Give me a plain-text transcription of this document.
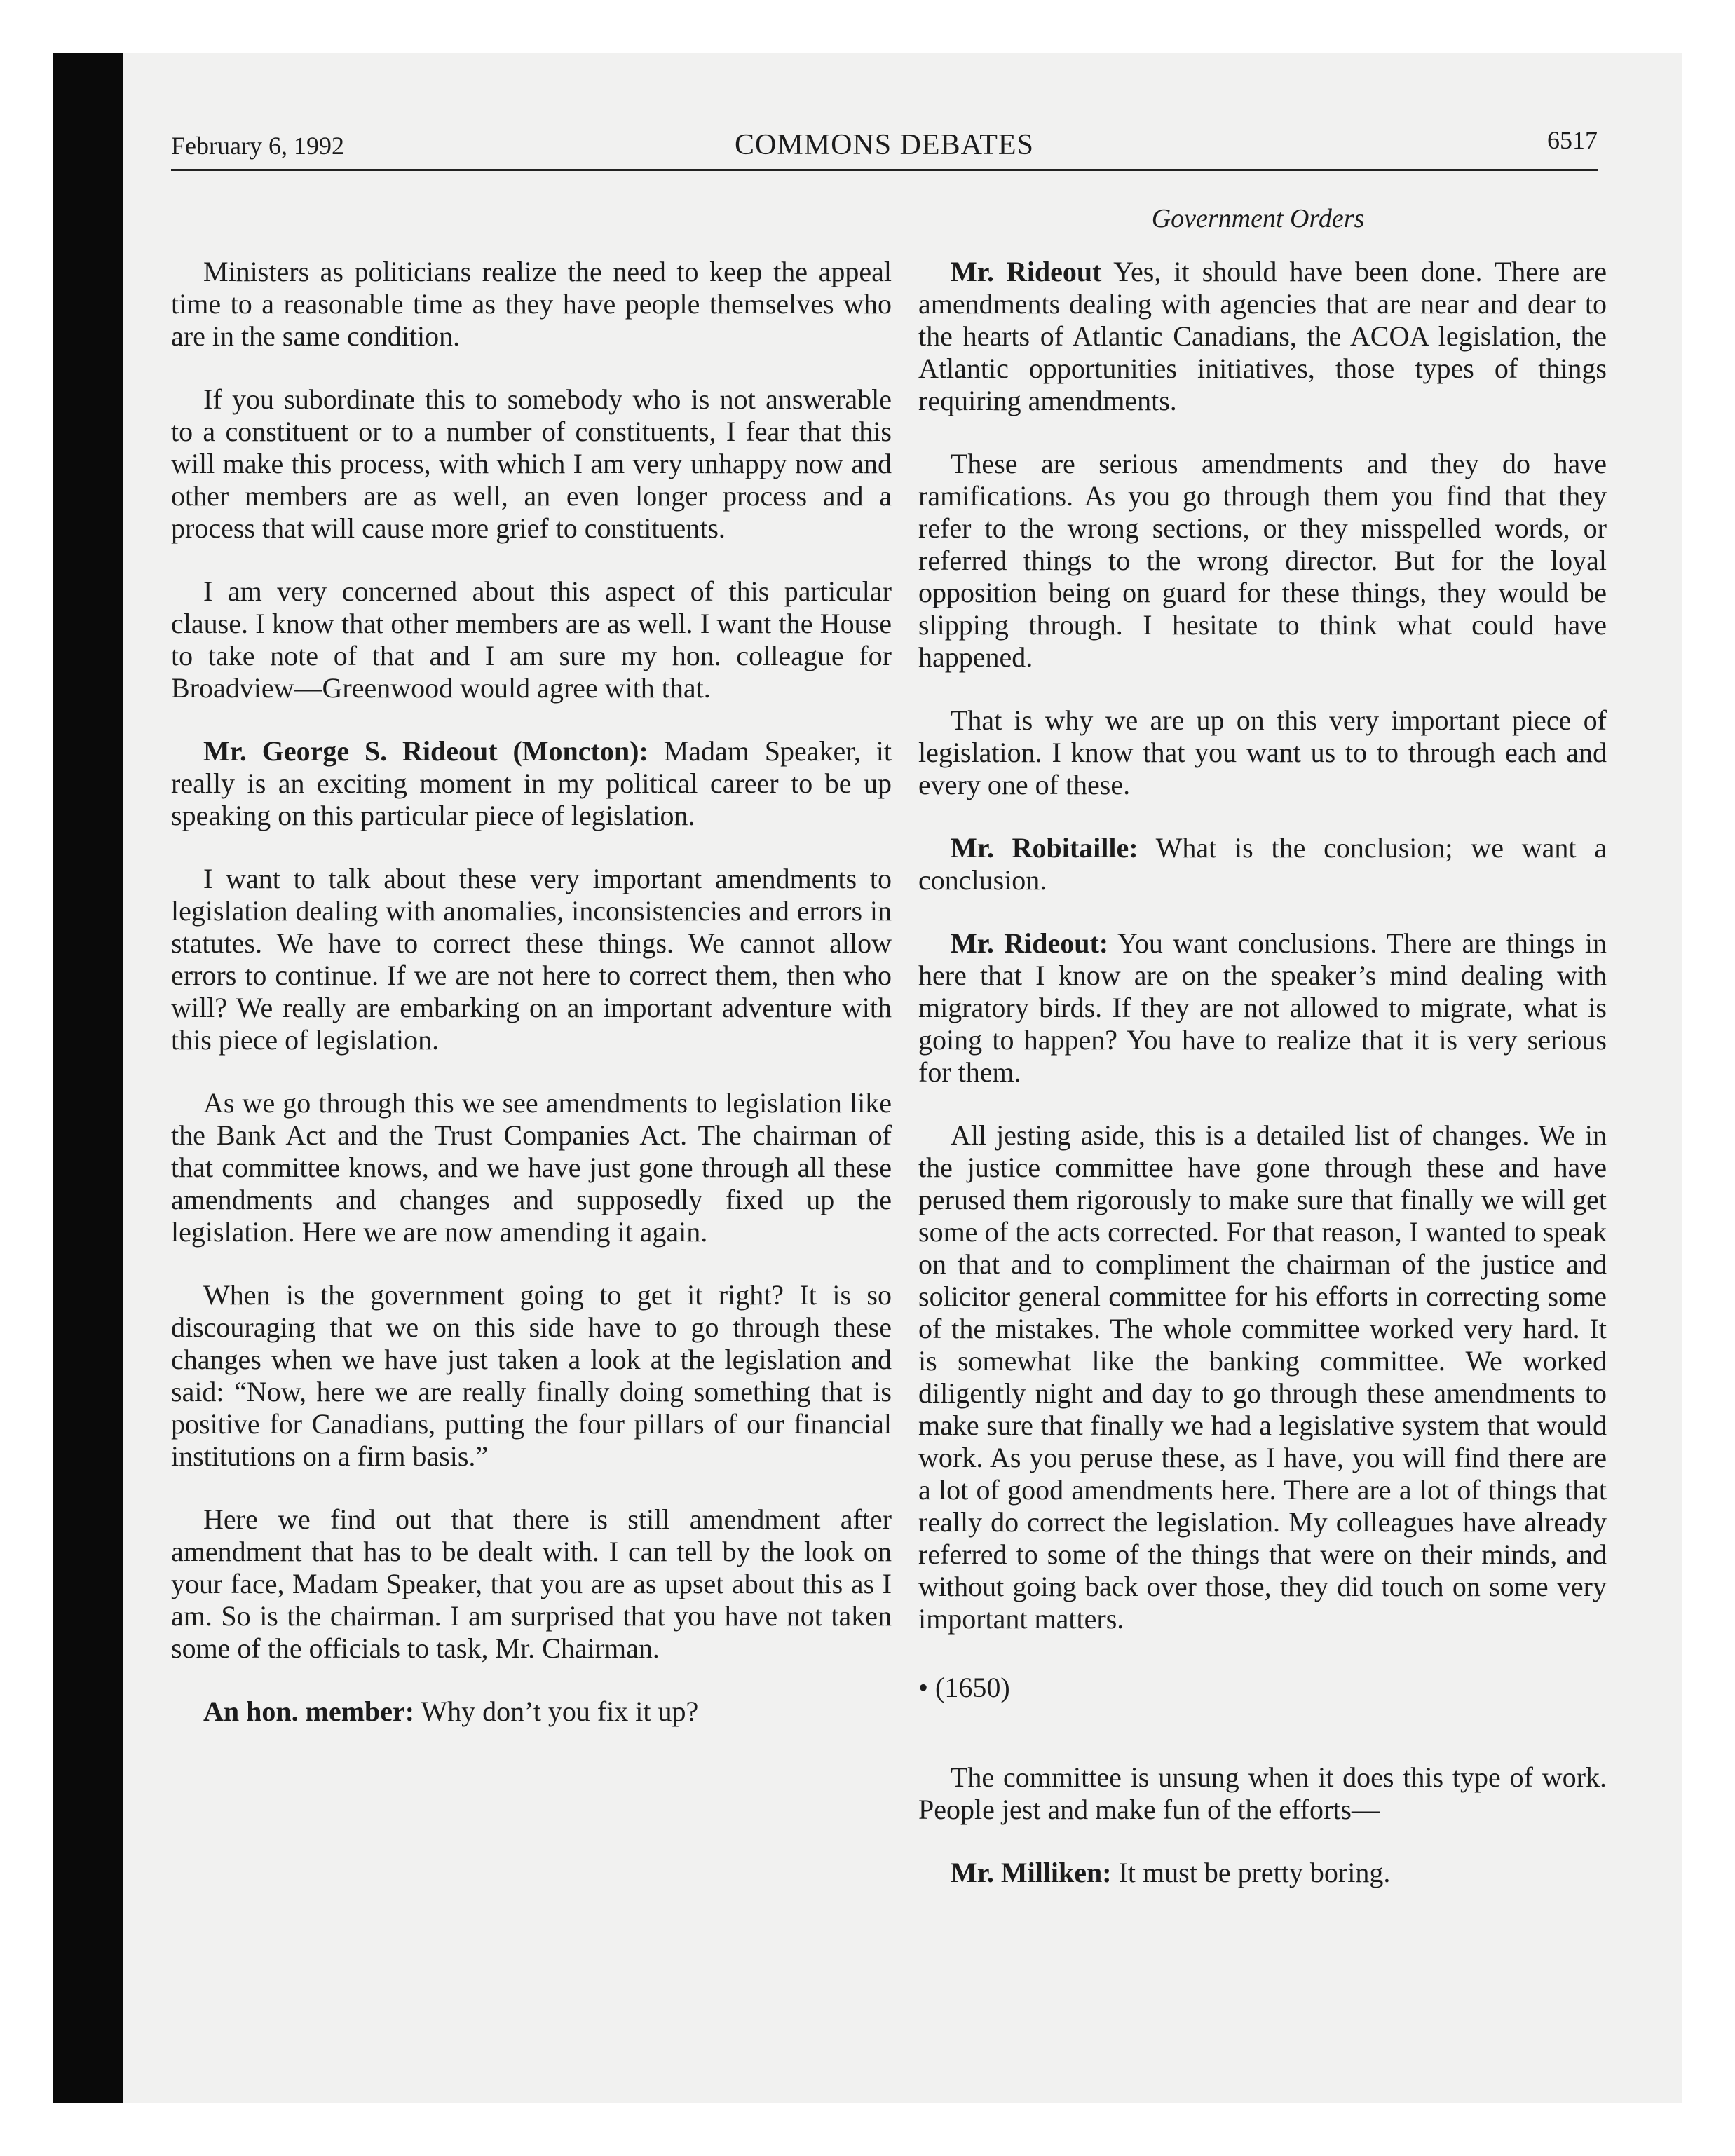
February 6, 1992	COMMONS DEBATES	6517
Government Orders

Ministers as politicians realize the need to keep the appeal time to a reasonable time as they have people themselves who are in the same condition.

If you subordinate this to somebody who is not answerable to a constituent or to a number of constituents, I fear that this will make this process, with which I am very unhappy now and other members are as well, an even longer process and a process that will cause more grief to constituents.

I am very concerned about this aspect of this particular clause. I know that other members are as well. I want the House to take note of that and I am sure my hon. colleague for Broadview—Greenwood would agree with that.

Mr. George S. Rideout (Moncton): Madam Speaker, it really is an exciting moment in my political career to be up speaking on this particular piece of legislation.

I want to talk about these very important amendments to legislation dealing with anomalies, inconsistencies and errors in statutes. We have to correct these things. We cannot allow errors to continue. If we are not here to correct them, then who will? We really are embarking on an important adventure with this piece of legislation.

As we go through this we see amendments to legislation like the Bank Act and the Trust Companies Act. The chairman of that committee knows, and we have just gone through all these amendments and changes and supposedly fixed up the legislation. Here we are now amending it again.

When is the government going to get it right? It is so discouraging that we on this side have to go through these changes when we have just taken a look at the legislation and said: “Now, here we are really finally doing something that is positive for Canadians, putting the four pillars of our financial institutions on a firm basis.”

Here we find out that there is still amendment after amendment that has to be dealt with. I can tell by the look on your face, Madam Speaker, that you are as upset about this as I am. So is the chairman. I am surprised that you have not taken some of the officials to task, Mr. Chairman.

An hon. member: Why don’t you fix it up?

Mr. Rideout Yes, it should have been done. There are amendments dealing with agencies that are near and dear to the hearts of Atlantic Canadians, the ACOA legislation, the Atlantic opportunities initiatives, those types of things requiring amendments.

These are serious amendments and they do have ramifications. As you go through them you find that they refer to the wrong sections, or they misspelled words, or referred things to the wrong director. But for the loyal opposition being on guard for these things, they would be slipping through. I hesitate to think what could have happened.

That is why we are up on this very important piece of legislation. I know that you want us to to through each and every one of these.

Mr. Robitaille: What is the conclusion; we want a conclusion.

Mr. Rideout: You want conclusions. There are things in here that I know are on the speaker’s mind dealing with migratory birds. If they are not allowed to migrate, what is going to happen? You have to realize that it is very serious for them.

All jesting aside, this is a detailed list of changes. We in the justice committee have gone through these and have perused them rigorously to make sure that finally we will get some of the acts corrected. For that reason, I wanted to speak on that and to compliment the chairman of the justice and solicitor general committee for his efforts in correcting some of the mistakes. The whole committee worked very hard. It is somewhat like the banking committee. We worked diligently night and day to go through these amendments to make sure that finally we had a legislative system that would work. As you peruse these, as I have, you will find there are a lot of good amendments here. There are a lot of things that really do correct the legislation. My colleagues have already referred to some of the things that were on their minds, and without going back over those, they did touch on some very important matters.

• (1650)

The committee is unsung when it does this type of work. People jest and make fun of the efforts—

Mr. Milliken: It must be pretty boring.
